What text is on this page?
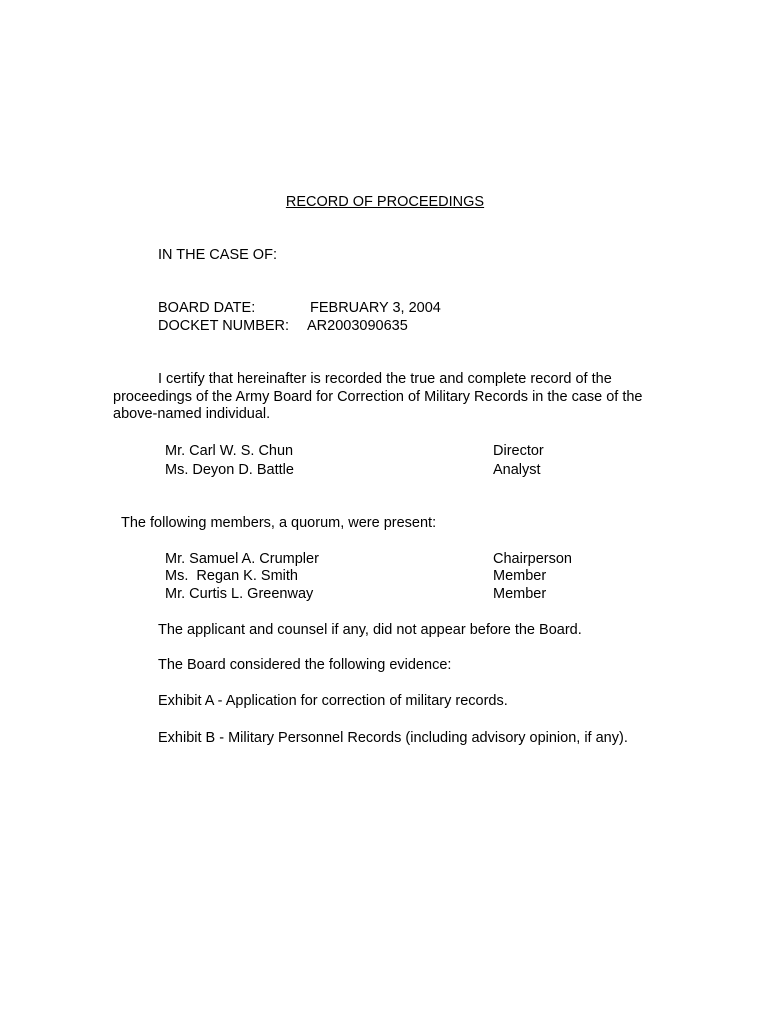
RECORD OF PROCEEDINGS
IN THE CASE OF:
BOARD DATE:	FEBRUARY 3, 2004
DOCKET NUMBER: AR2003090635
I certify that hereinafter is recorded the true and complete record of the proceedings of the Army Board for Correction of Military Records in the case of the above-named individual.
Mr. Carl W. S. Chun	Director
Ms. Deyon D. Battle	Analyst
The following members, a quorum, were present:
Mr. Samuel A. Crumpler	Chairperson
Ms.  Regan K. Smith	Member
Mr. Curtis L. Greenway	Member
The applicant and counsel if any, did not appear before the Board.
The Board considered the following evidence:
Exhibit A - Application for correction of military records.
Exhibit B - Military Personnel Records (including advisory opinion, if any).
